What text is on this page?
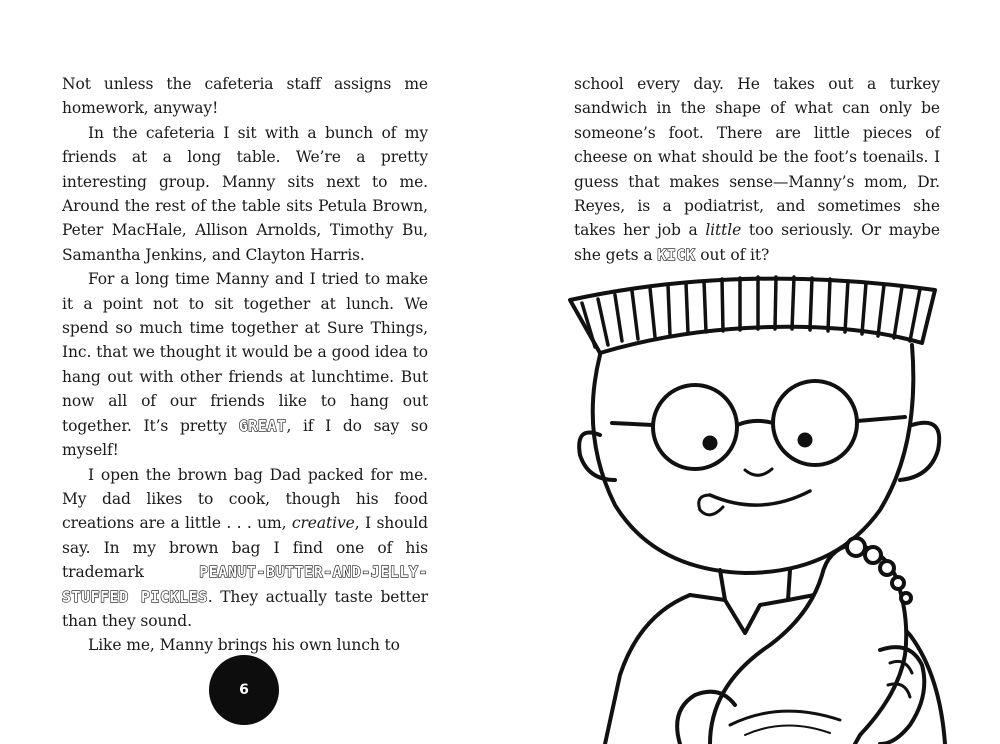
Not unless the cafeteria staff assigns me homework, anyway!

In the cafeteria I sit with a bunch of my friends at a long table. We’re a pretty interesting group. Manny sits next to me. Around the rest of the table sits Petula Brown, Peter MacHale, Allison Arnolds, Timothy Bu, Samantha Jenkins, and Clayton Harris.

For a long time Manny and I tried to make it a point not to sit together at lunch. We spend so much time together at Sure Things, Inc. that we thought it would be a good idea to hang out with other friends at lunchtime. But now all of our friends like to hang out together. It’s pretty GREAT, if I do say so myself!

I open the brown bag Dad packed for me. My dad likes to cook, though his food creations are a little . . . um, creative, I should say. In my brown bag I find one of his trademark PEANUT-BUTTER-AND-JELLY-STUFFED PICKLES. They actually taste better than they sound.

Like me, Manny brings his own lunch to

6

school every day. He takes out a turkey sandwich in the shape of what can only be someone’s foot. There are little pieces of cheese on what should be the foot’s toenails. I guess that makes sense—Manny’s mom, Dr. Reyes, is a podiatrist, and sometimes she takes her job a little too seriously. Or maybe she gets a KICK out of it?
